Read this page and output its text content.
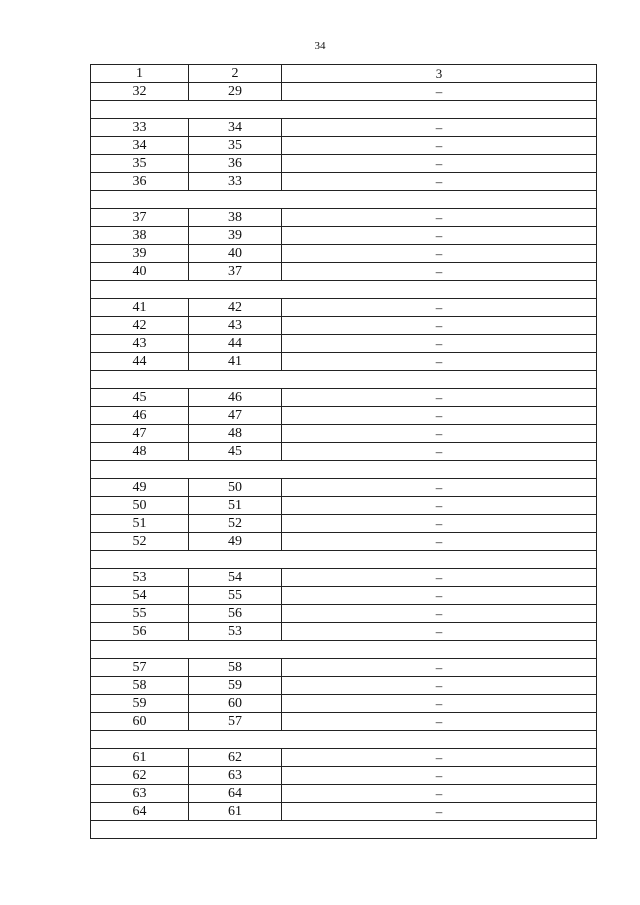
34
1	2	3
32	29	–

33	34	–
34	35	–
35	36	–
36	33	–

37	38	–
38	39	–
39	40	–
40	37	–

41	42	–
42	43	–
43	44	–
44	41	–

45	46	–
46	47	–
47	48	–
48	45	–

49	50	–
50	51	–
51	52	–
52	49	–

53	54	–
54	55	–
55	56	–
56	53	–

57	58	–
58	59	–
59	60	–
60	57	–

61	62	–
62	63	–
63	64	–
64	61	–
